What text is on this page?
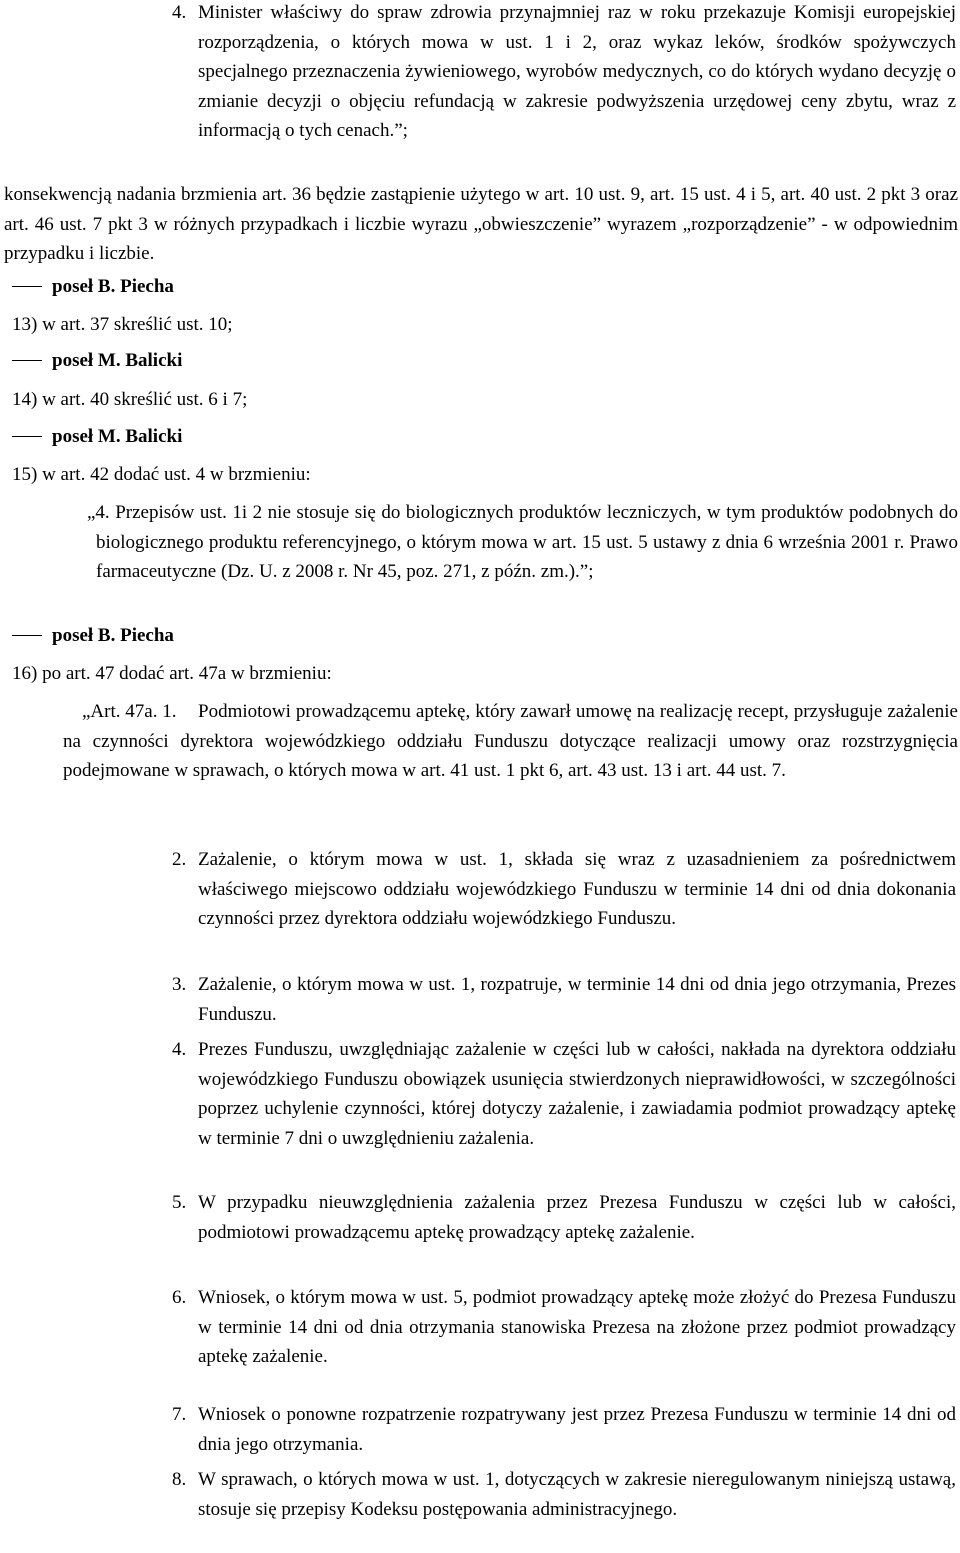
4. Minister właściwy do spraw zdrowia przynajmniej raz w roku przekazuje Komisji europejskiej rozporządzenia, o których mowa w ust. 1 i 2, oraz wykaz leków, środków spożywczych specjalnego przeznaczenia żywieniowego, wyrobów medycznych, co do których wydano decyzję o zmianie decyzji o objęciu refundacją w zakresie podwyższenia urzędowej ceny zbytu, wraz z informacją o tych cenach.”;

konsekwencją nadania brzmienia art. 36 będzie zastąpienie użytego w art. 10 ust. 9, art. 15 ust. 4 i 5, art. 40 ust. 2 pkt 3 oraz art. 46 ust. 7 pkt 3 w różnych przypadkach i liczbie wyrazu „obwieszczenie” wyrazem „rozporządzenie” - w odpowiednim przypadku i liczbie.

poseł B. Piecha
13) w art. 37 skreślić ust. 10;
poseł M. Balicki
14) w art. 40 skreślić ust. 6 i 7;
poseł M. Balicki
15) w art. 42 dodać ust. 4 w brzmieniu:

„4. Przepisów ust. 1i 2 nie stosuje się do biologicznych produktów leczniczych, w tym produktów podobnych do biologicznego produktu referencyjnego, o którym mowa w art. 15 ust. 5 ustawy z dnia 6 września 2001 r. Prawo farmaceutyczne (Dz. U. z 2008 r. Nr 45, poz. 271, z późn. zm.).”;

poseł B. Piecha
16) po art. 47 dodać art. 47a w brzmieniu:
„Art. 47a. 1.	Podmiotowi prowadzącemu aptekę, który zawarł umowę na realizację recept, przysługuje zażalenie na czynności dyrektora wojewódzkiego oddziału Funduszu dotyczące realizacji umowy oraz rozstrzygnięcia podejmowane w sprawach, o których mowa w art. 41 ust. 1 pkt 6, art. 43 ust. 13 i art. 44 ust. 7.

2. Zażalenie, o którym mowa w ust. 1, składa się wraz z uzasadnieniem za pośrednictwem właściwego miejscowo oddziału wojewódzkiego Funduszu w terminie 14 dni od dnia dokonania czynności przez dyrektora oddziału wojewódzkiego Funduszu.

3. Zażalenie, o którym mowa w ust. 1, rozpatruje, w terminie 14 dni od dnia jego otrzymania, Prezes Funduszu.

4. Prezes Funduszu, uwzględniając zażalenie w części lub w całości, nakłada na dyrektora oddziału wojewódzkiego Funduszu obowiązek usunięcia stwierdzonych nieprawidłowości, w szczególności poprzez uchylenie czynności, której dotyczy zażalenie, i zawiadamia podmiot prowadzący aptekę w terminie 7 dni o uwzględnieniu zażalenia.

5. W przypadku nieuwzględnienia zażalenia przez Prezesa Funduszu w części lub w całości, podmiotowi prowadzącemu aptekę prowadzący aptekę zażalenie.

6. Wniosek, o którym mowa w ust. 5, podmiot prowadzący aptekę może złożyć do Prezesa Funduszu w terminie 14 dni od dnia otrzymania stanowiska Prezesa na złożone przez podmiot prowadzący aptekę zażalenie.

7. Wniosek o ponowne rozpatrzenie rozpatrywany jest przez Prezesa Funduszu w terminie 14 dni od dnia jego otrzymania.

8. W sprawach, o których mowa w ust. 1, dotyczących w zakresie nieregulowanym niniejszą ustawą, stosuje się przepisy Kodeksu postępowania administracyjnego.
